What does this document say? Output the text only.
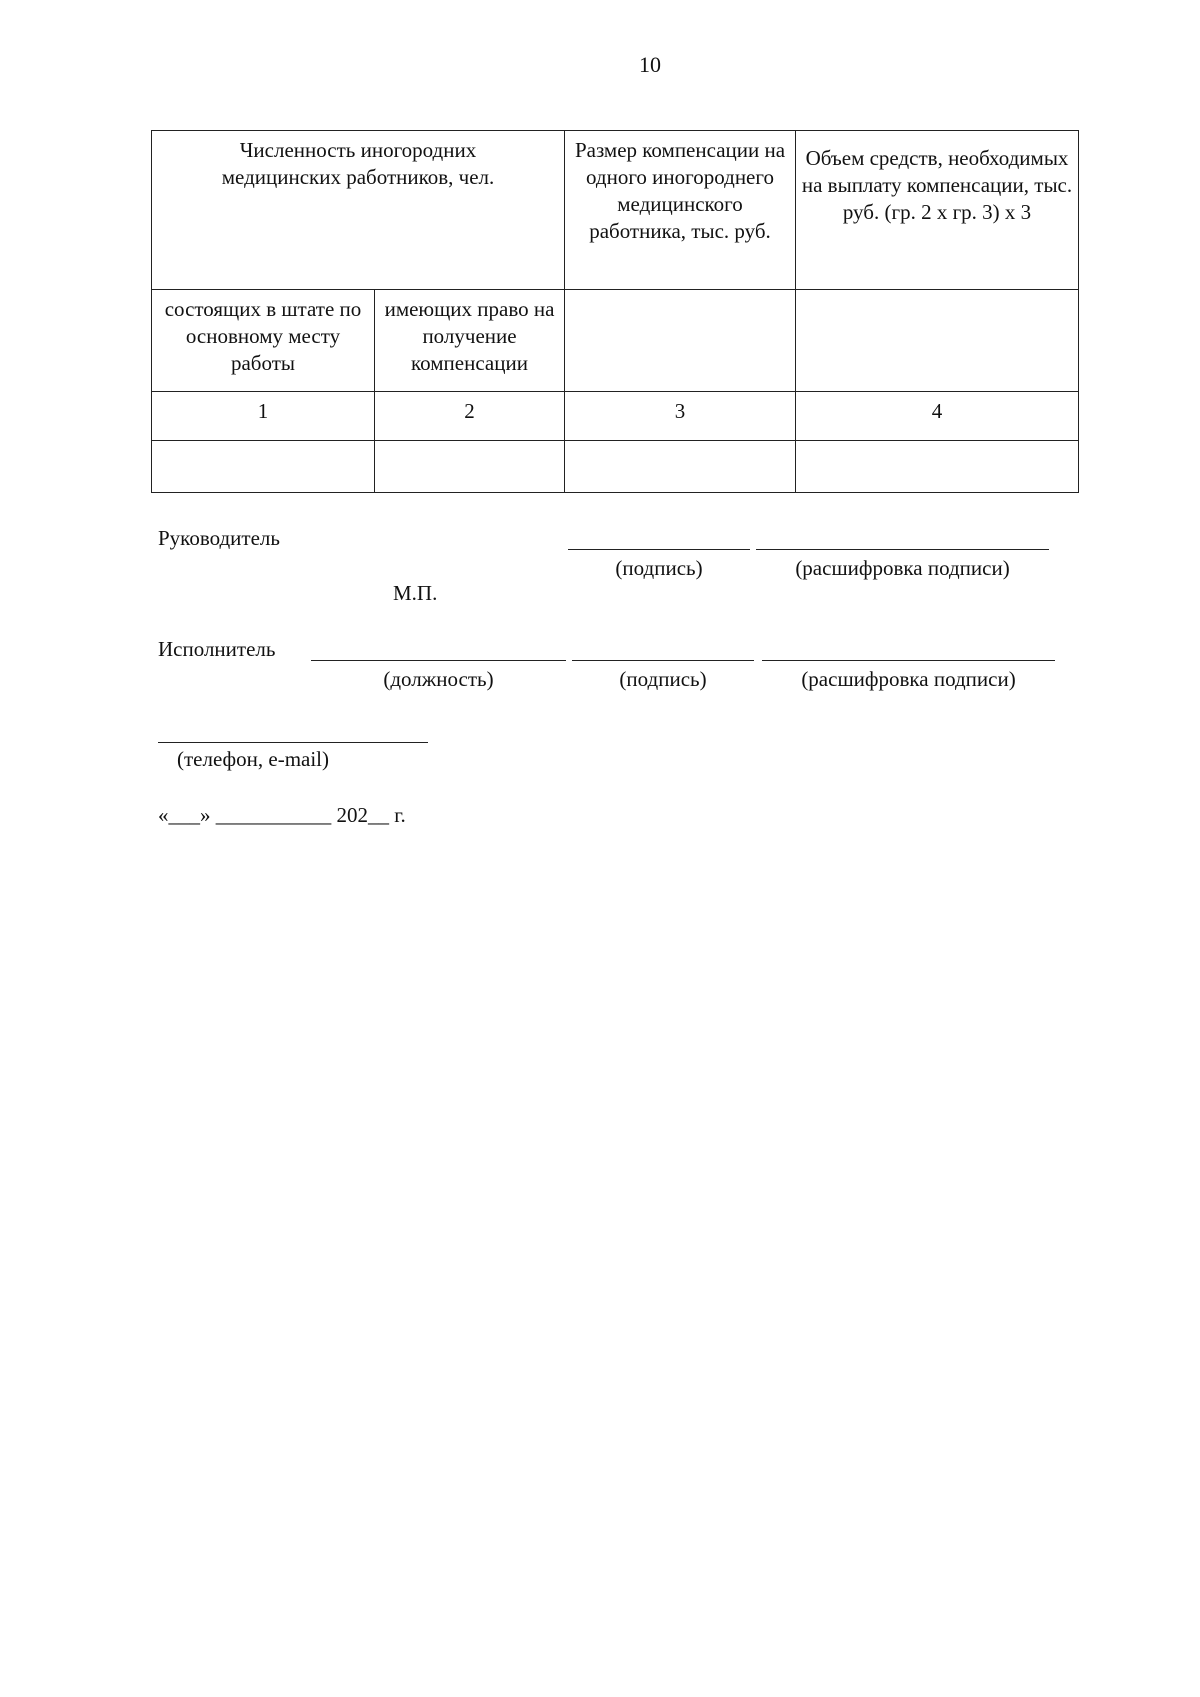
10
Численность иногородних медицинских работников, чел.		Размер компенсации на одного иногороднего медицинского работника, тыс. руб.	Объем средств, необходимых на выплату компенсации, тыс. руб. (гр. 2 х гр. 3) х 3

состоящих в штате по основному месту работы	имеющих право на получение компенсации		

1	2	3	4

Руководитель
(подпись)	(расшифровка подписи)
М.П.
Исполнитель
(должность)	(подпись)	(расшифровка подписи)
(телефон, e-mail)
«___» ___________ 202__ г.
